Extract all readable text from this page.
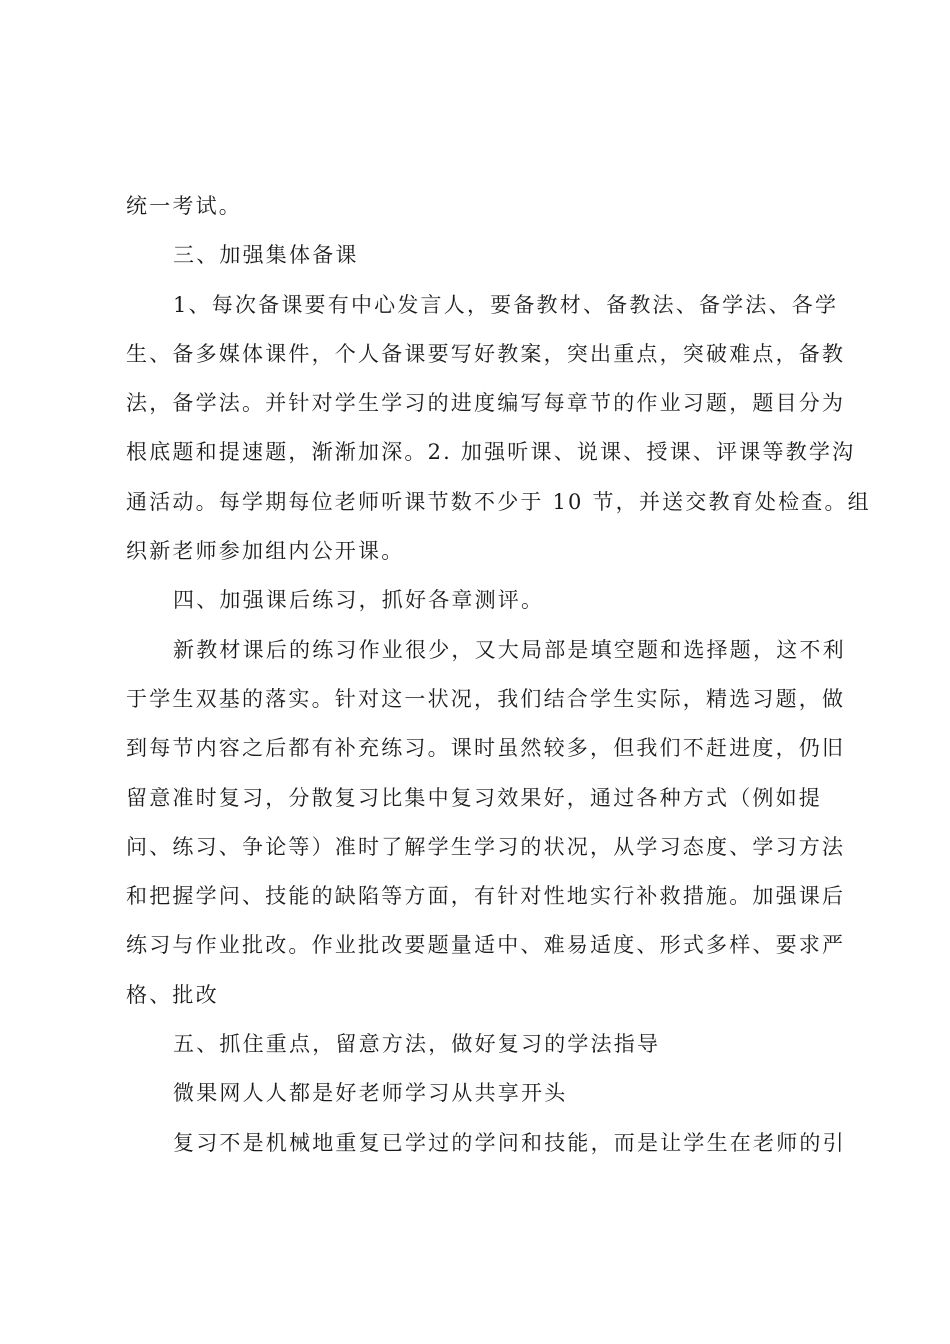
统一考试。
三、加强集体备课
1、每次备课要有中心发言人，要备教材、备教法、备学法、各学
生、备多媒体课件，个人备课要写好教案，突出重点，突破难点，备教
法，备学法。并针对学生学习的进度编写每章节的作业习题，题目分为
根底题和提速题，渐渐加深。2. 加强听课、说课、授课、评课等教学沟
通活动。每学期每位老师听课节数不少于 10 节，并送交教育处检查。组
织新老师参加组内公开课。
四、加强课后练习，抓好各章测评。
新教材课后的练习作业很少，又大局部是填空题和选择题，这不利
于学生双基的落实。针对这一状况，我们结合学生实际，精选习题，做
到每节内容之后都有补充练习。课时虽然较多，但我们不赶进度，仍旧
留意准时复习，分散复习比集中复习效果好，通过各种方式（例如提
问、练习、争论等）准时了解学生学习的状况，从学习态度、学习方法
和把握学问、技能的缺陷等方面，有针对性地实行补救措施。加强课后
练习与作业批改。作业批改要题量适中、难易适度、形式多样、要求严
格、批改
五、抓住重点，留意方法，做好复习的学法指导
微果网人人都是好老师学习从共享开头
复习不是机械地重复已学过的学问和技能，而是让学生在老师的引
